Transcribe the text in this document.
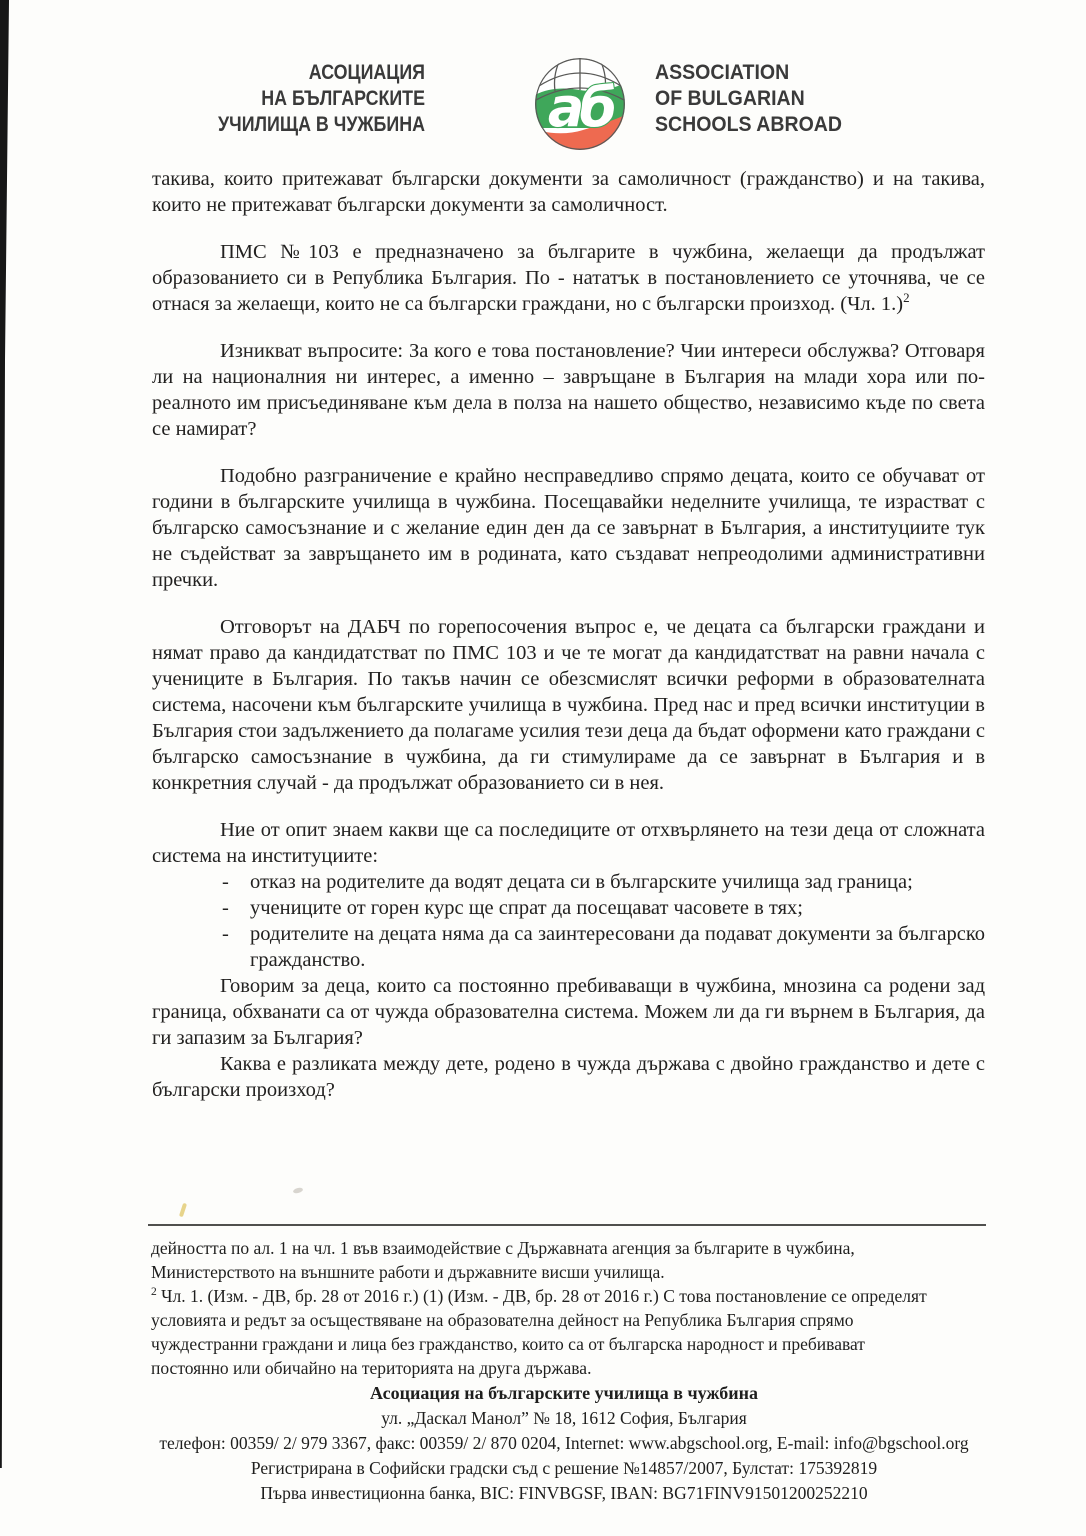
АСОЦИАЦИЯ
НА БЪЛГАРСКИТЕ
УЧИЛИЩА В ЧУЖБИНА аб
ASSOCIATION
OF BULGARIAN
SCHOOLS ABROAD

такива, които притежават български документи за самоличност (гражданство) и на такива, които не притежават български документи за самоличност.

ПМС №103 е предназначено за българите в чужбина, желаещи да продължат образованието си в Република България. По - нататък в постановлението се уточнява, че се отнася за желаещи, които не са български граждани, но с български произход. (Чл. 1.)$^2$

Изникват въпросите: За кого е това постановление? Чии интереси обслужва? Отговаря ли на националния ни интерес, а именно – завръщане в България на млади хора или по-реалното им присъединяване към дела в полза на нашето общество, независимо къде по света се намират?

Подобно разграничение е крайно несправедливо спрямо децата, които се обучават от години в българските училища в чужбина. Посещавайки неделните училища, те израстват с българско самосъзнание и с желание един ден да се завърнат в България, а институциите тук не съдействат за завръщането им в родината, като създават непреодолими административни пречки.

Отговорът на ДАБЧ по горепосочения въпрос е, че децата са български граждани и нямат право да кандидатстват по ПМС 103 и че те могат да кандидатстват на равни начала с учениците в България. По такъв начин се обезсмислят всички реформи в образователната система, насочени към българските училища в чужбина. Пред нас и пред всички институции в България стои задължението да полагаме усилия тези деца да бъдат оформени като граждани с българско самосъзнание в чужбина, да ги стимулираме да се завърнат в България и в конкретния случай - да продължат образованието си в нея.

Ние от опит знаем какви ще са последиците от отхвърлянето на тези деца от сложната система на институциите:

-	отказ на родителите да водят децата си в българските училища зад граница;
-	учениците от горен курс ще спрат да посещават часовете в тях;
-	родителите на децата няма да са заинтересовани да подават документи за българско гражданство.

Говорим за деца, които са постоянно пребиваващи в чужбина, мнозина са родени зад граница, обхванати са от чужда образователна система. Можем ли да ги върнем в България, да ги запазим за България?

Каква е разликата между дете, родено в чужда държава с двойно гражданство и дете с български произход?

дейността по ал. 1 на чл. 1 във взаимодействие с Държавната агенция за българите в чужбина,
Министерството на външните работи и държавните висши училища.
$^2$ Чл. 1. (Изм. - ДВ, бр. 28 от 2016 г.) (1) (Изм. - ДВ, бр. 28 от 2016 г.) С това постановление се определят
условията и редът за осъществяване на образователна дейност на Република България спрямо
чуждестранни граждани и лица без гражданство, които са от българска народност и пребивават
постоянно или обичайно на територията на друга държава.
Асоциация на българските училища в чужбина
ул. „Даскал Манол” № 18, 1612 София, България
телефон: 00359/ 2/ 979 3367, факс: 00359/ 2/ 870 0204, Internet: www.abgschool.org, E-mail: info@bgschool.org
Регистрирана в Софийски градски съд с решение №14857/2007, Булстат: 175392819
Първа инвестиционна банка, BIC: FINVBGSF, IBAN: BG71FINV91501200252210
